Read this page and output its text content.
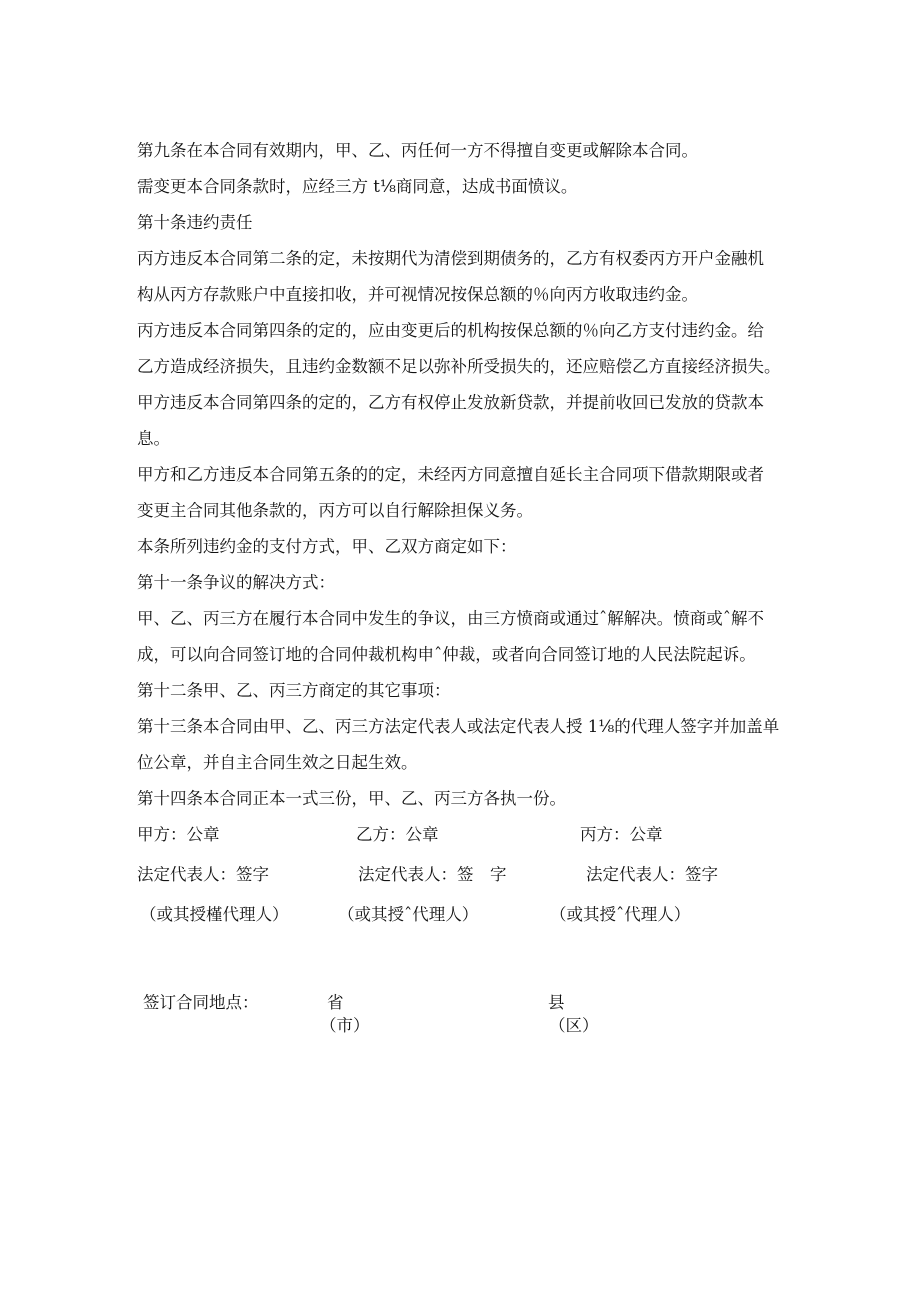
第九条在本合同有效期内，甲、乙、丙任何一方不得擅自变更或解除本合同。
需变更本合同条款时，应经三方 t⅛商同意，达成书面愤议。
第十条违约责任
丙方违反本合同第二条的定，未按期代为清偿到期债务的，乙方有权委丙方开户金融机
构从丙方存款账户中直接扣收，并可视情况按保总额的％向丙方收取违约金。
丙方违反本合同第四条的定的，应由变更后的机构按保总额的％向乙方支付违约金。给
乙方造成经济损失，且违约金数额不足以弥补所受损失的，还应赔偿乙方直接经济损失。
甲方违反本合同第四条的定的，乙方有权停止发放新贷款，并提前收回已发放的贷款本
息。
甲方和乙方违反本合同第五条的的定，未经丙方同意擅自延长主合同项下借款期限或者
变更主合同其他条款的，丙方可以自行解除担保义务。
本条所列违约金的支付方式，甲、乙双方商定如下：
第十一条争议的解决方式：
甲、乙、丙三方在履行本合同中发生的争议，由三方愤商或通过ˆ解解决。愤商或ˆ解不
成，可以向合同签订地的合同仲裁机构申ˆ仲裁，或者向合同签订地的人民法院起诉。
第十二条甲、乙、丙三方商定的其它事项：
第十三条本合同由甲、乙、丙三方法定代表人或法定代表人授 1⅛的代理人签字并加盖单
位公章，并自主合同生效之日起生效。
第十四条本合同正本一式三份，甲、乙、丙三方各执一份。
甲方：公章	乙方：公章	丙方：公章
法定代表人：签字	法定代表人：签　字	法定代表人：签字
（或其授槿代理人）	（或其授ˆ代理人）	（或其授ˆ代理人）
签订合同地点：	省	县
（市）	（区）
